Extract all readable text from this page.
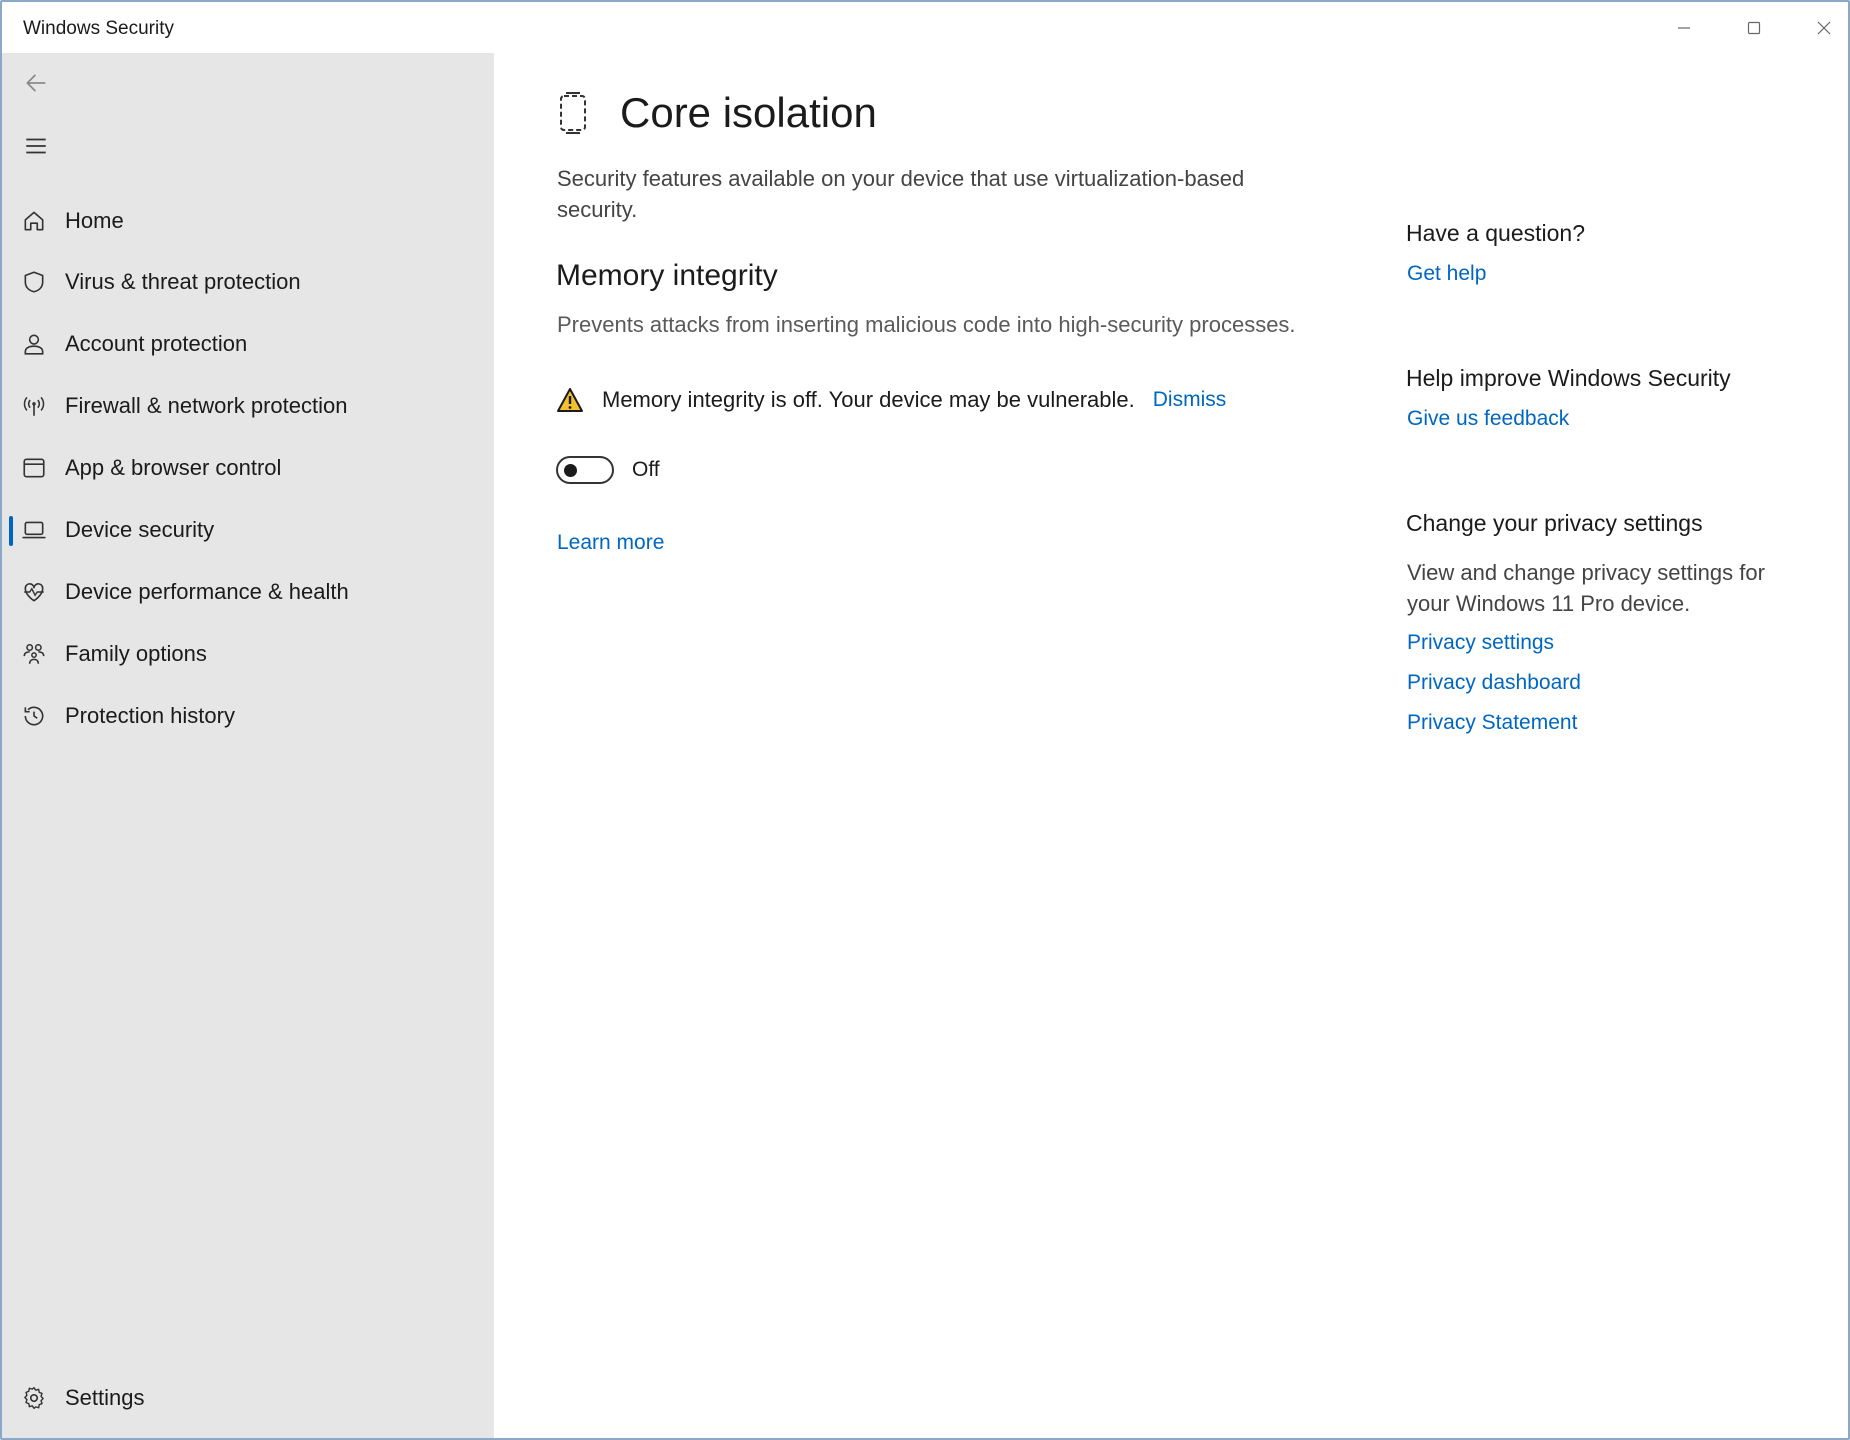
Windows Security
Home
Virus & threat protection
Account protection
Firewall & network protection
App & browser control
Device security
Device performance & health
Family options
Protection history
Settings
Core isolation
Security features available on your device that use virtualization-based security.
Memory integrity
Prevents attacks from inserting malicious code into high-security processes.
Memory integrity is off. Your device may be vulnerable. Dismiss
Off
Learn more
Have a question?
Get help
Help improve Windows Security
Give us feedback
Change your privacy settings
View and change privacy settings for your Windows 11 Pro device.
Privacy settings
Privacy dashboard
Privacy Statement
